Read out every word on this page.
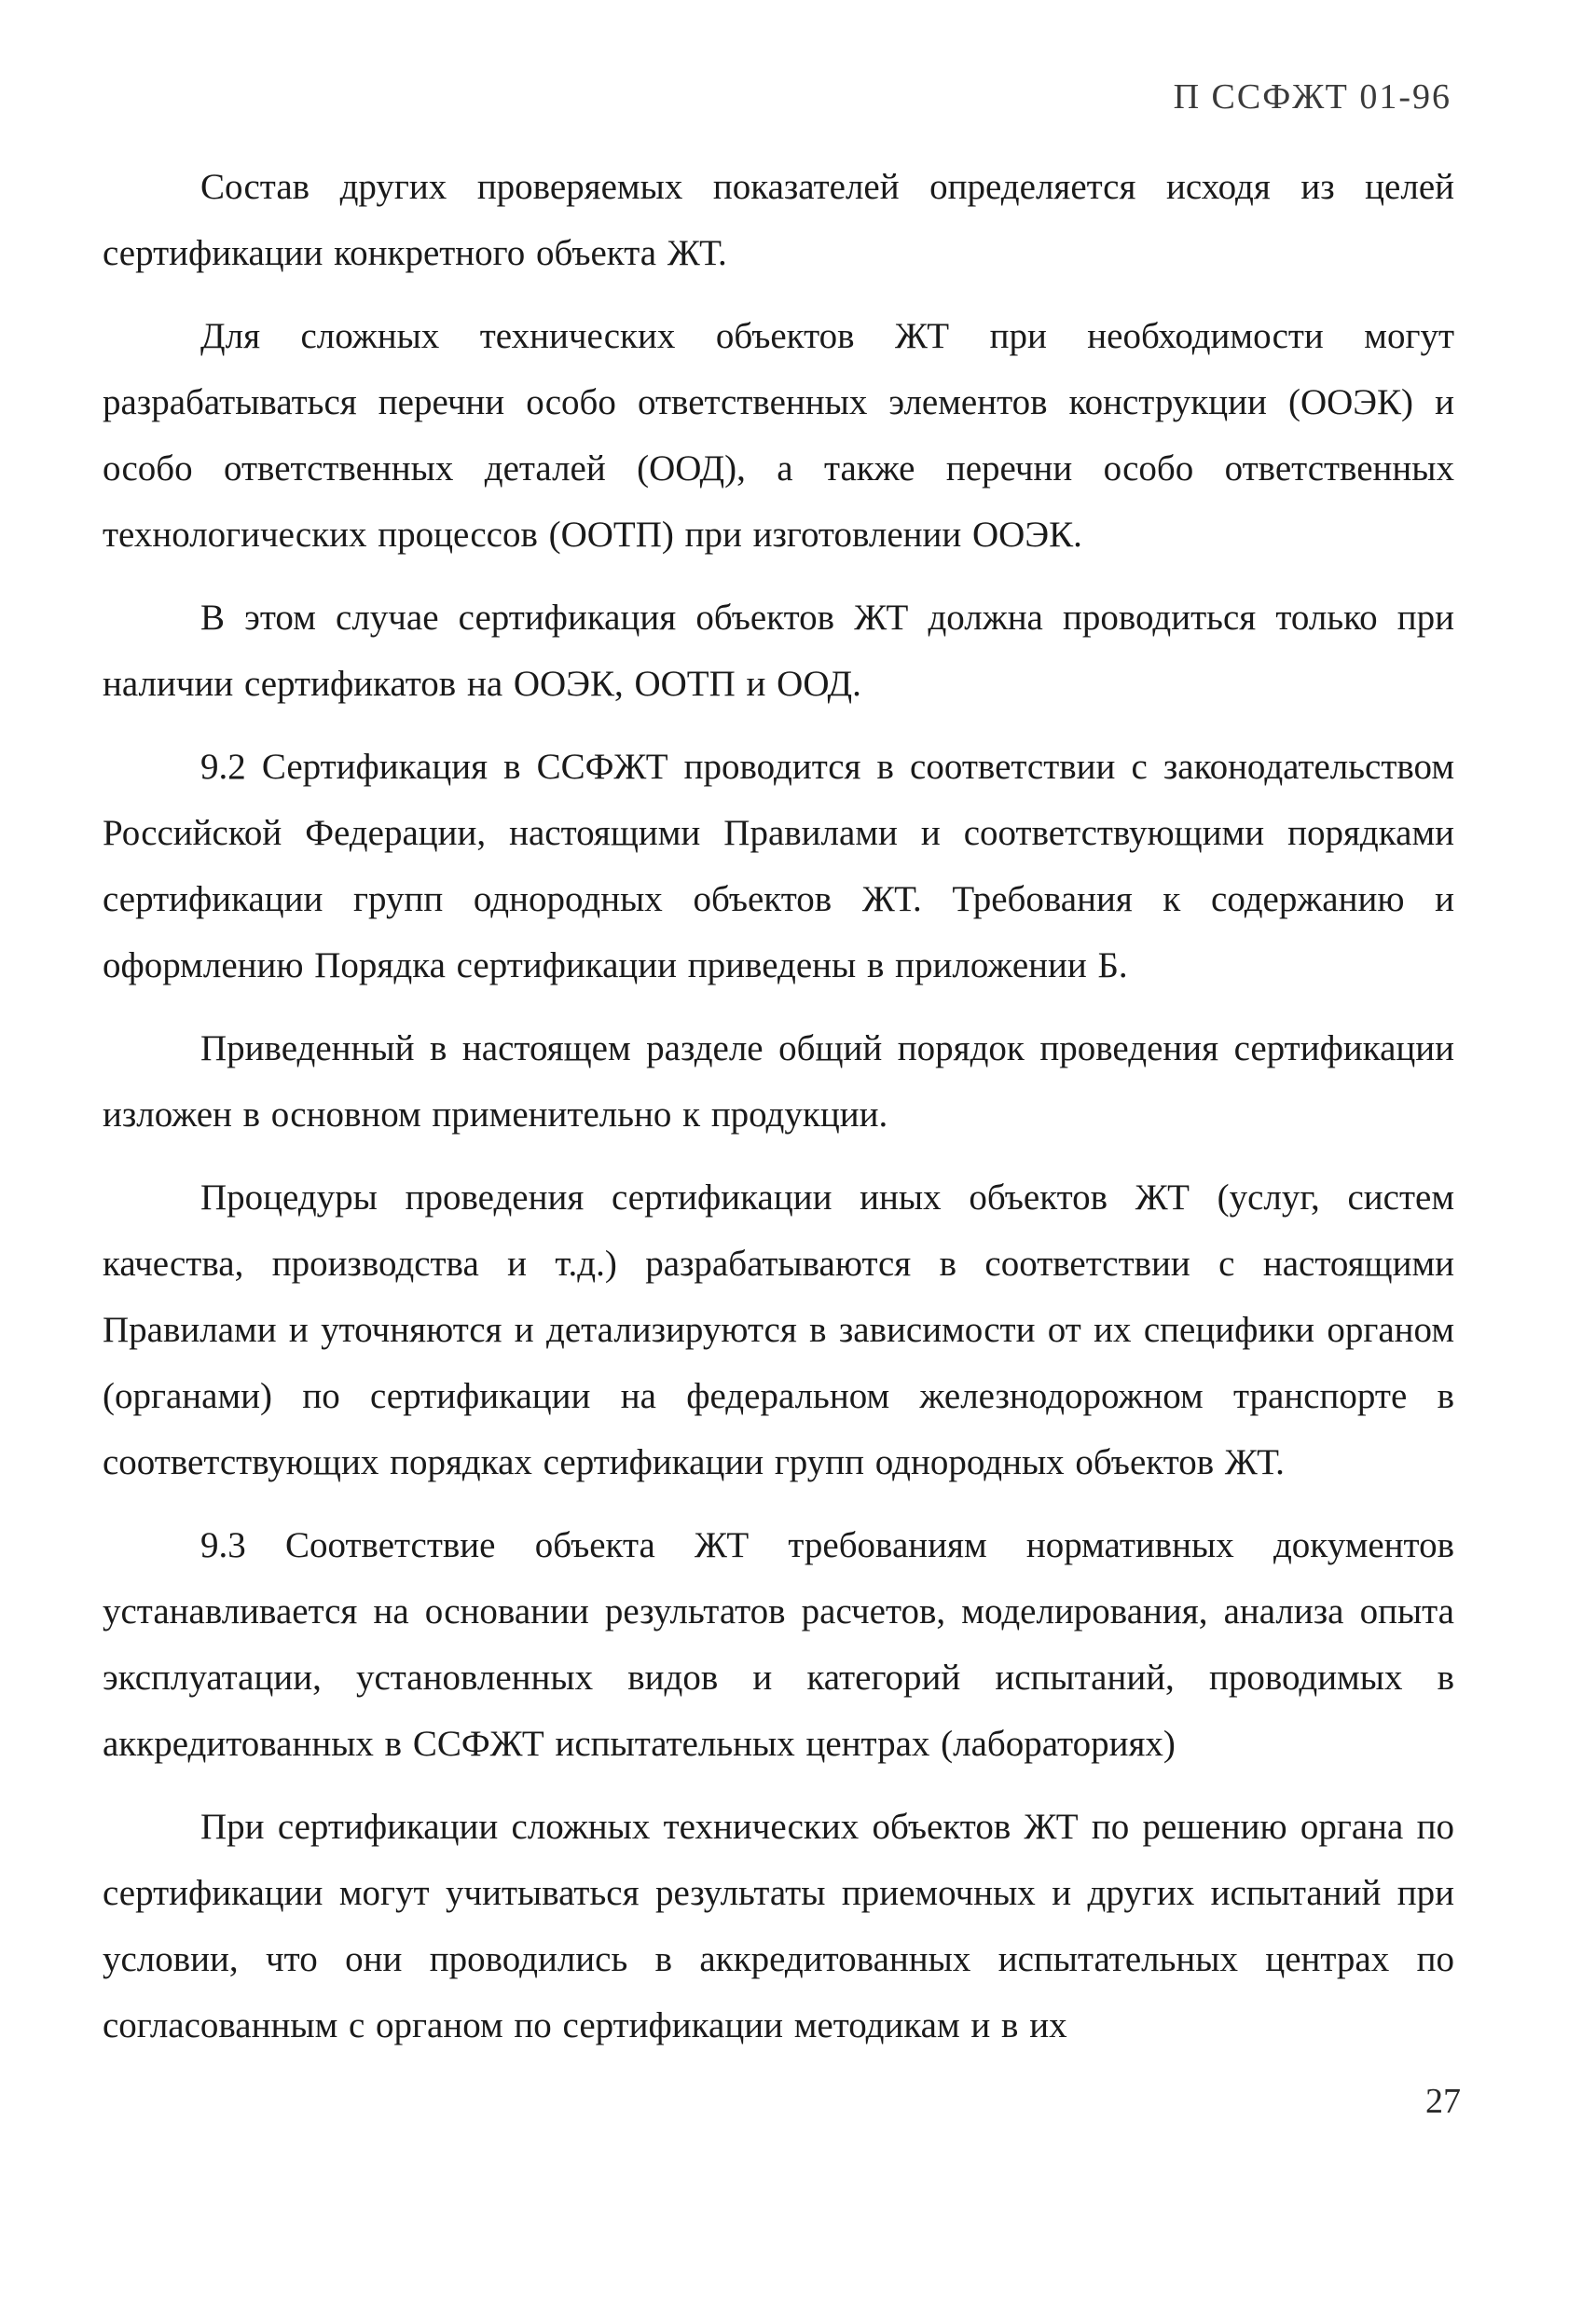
П ССФЖТ 01-96

Состав других проверяемых показателей определяется исходя из целей сертификации конкретного объекта ЖТ.

Для сложных технических объектов ЖТ при необходимости могут разрабатываться перечни особо ответственных элементов конструкции (ООЭК) и особо ответственных деталей (ООД), а также перечни особо ответственных технологических процессов (ООТП) при изготовлении ООЭК.

В этом случае сертификация объектов ЖТ должна проводиться только при наличии сертификатов на ООЭК, ООТП и ООД.

9.2 Сертификация в ССФЖТ проводится в соответствии с законодательством Российской Федерации, настоящими Правилами и соответствующими порядками сертификации групп однородных объектов ЖТ. Требования к содержанию и оформлению Порядка сертификации приведены в приложении Б.

Приведенный в настоящем разделе общий порядок проведения сертификации изложен в основном применительно к продукции.

Процедуры проведения сертификации иных объектов ЖТ (услуг, систем качества, производства и т.д.) разрабатываются в соответствии с настоящими Правилами и уточняются и детализируются в зависимости от их специфики органом (органами) по сертификации на федеральном железнодорожном транспорте в соответствующих порядках сертификации групп однородных объектов ЖТ.

9.3 Соответствие объекта ЖТ требованиям нормативных документов устанавливается на основании результатов расчетов, моделирования, анализа опыта эксплуатации, установленных видов и категорий испытаний, проводимых в аккредитованных в ССФЖТ испытательных центрах (лабораториях)

При сертификации сложных технических объектов ЖТ по решению органа по сертификации могут учитываться результаты приемочных и других испытаний при условии, что они проводились в аккредитованных испытательных центрах по согласованным с органом по сертификации методикам и в их

27
